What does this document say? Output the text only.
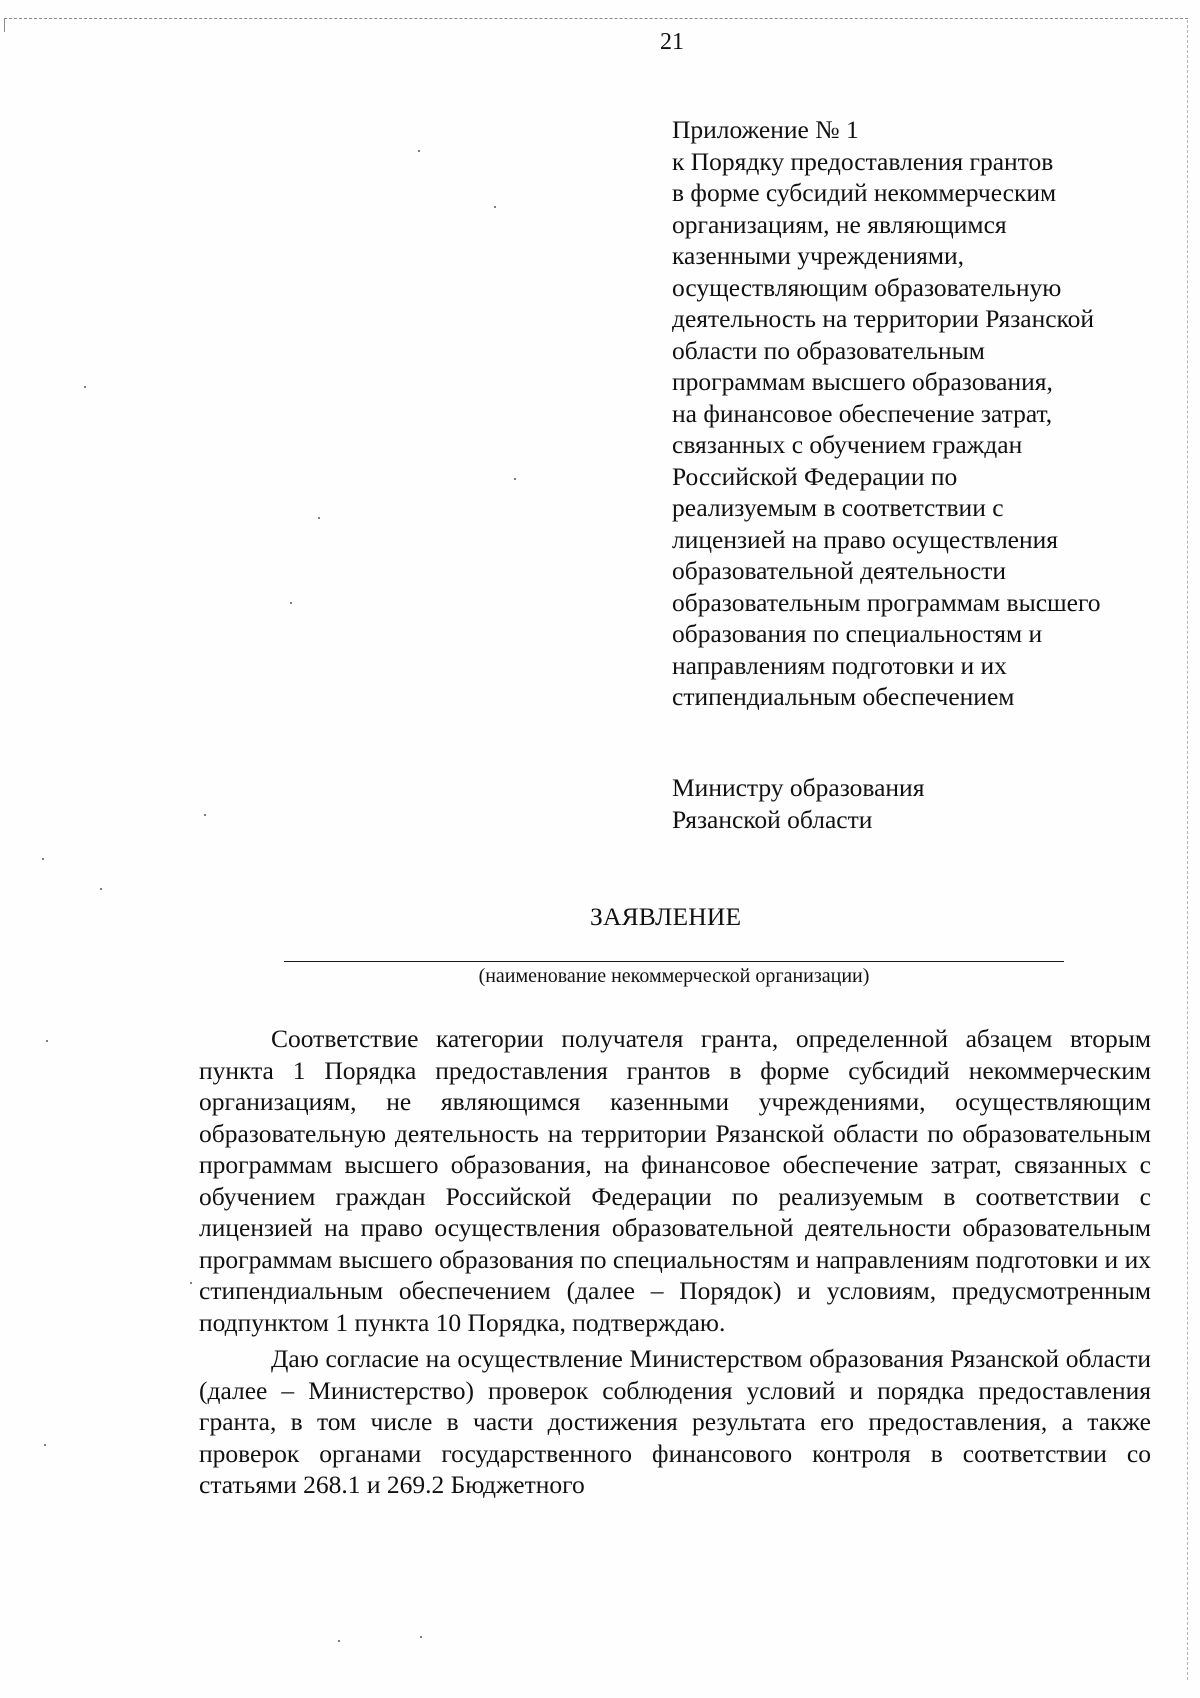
21
Приложение № 1
к Порядку предоставления грантов
в форме субсидий некоммерческим
организациям, не являющимся
казенными учреждениями,
осуществляющим образовательную
деятельность на территории Рязанской
области по образовательным
программам высшего образования,
на финансовое обеспечение затрат,
связанных с обучением граждан
Российской Федерации по
реализуемым в соответствии с
лицензией на право осуществления
образовательной деятельности
образовательным программам высшего
образования по специальностям и
направлениям подготовки и их
стипендиальным обеспечением
Министру образования
Рязанской области
ЗАЯВЛЕНИЕ
(наименование некоммерческой организации)

Соответствие категории получателя гранта, определенной абзацем вторым пункта 1 Порядка предоставления грантов в форме субсидий некоммерческим организациям, не являющимся казенными учреждениями, осуществляющим образовательную деятельность на территории Рязанской области по образовательным программам высшего образования, на финансовое обеспечение затрат, связанных с обучением граждан Российской Федерации по реализуемым в соответствии с лицензией на право осуществления образовательной деятельности образовательным программам высшего образования по специальностям и направлениям подготовки и их стипендиальным обеспечением (далее – Порядок) и условиям, предусмотренным подпунктом 1 пункта 10 Порядка, подтверждаю.

Даю согласие на осуществление Министерством образования Рязанской области (далее – Министерство) проверок соблюдения условий и порядка предоставления гранта, в том числе в части достижения результата его предоставления, а также проверок органами государственного финансового контроля в соответствии со статьями 268.1 и 269.2 Бюджетного
